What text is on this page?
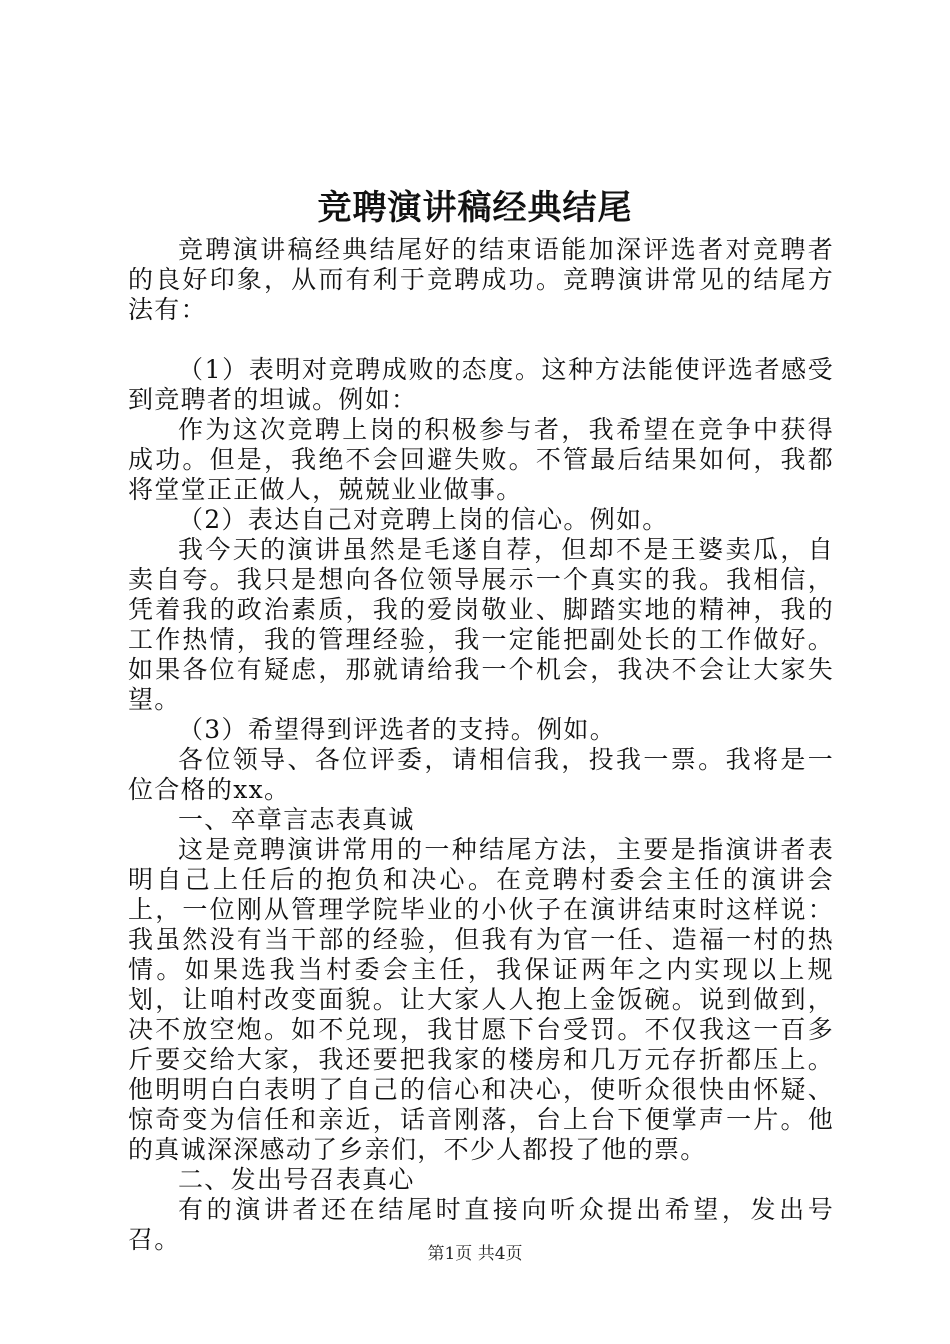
竞聘演讲稿经典结尾

竞聘演讲稿经典结尾好的结束语能加深评选者对竞聘者的良好印象，从而有利于竞聘成功。竞聘演讲常见的结尾方法有：

（1）表明对竞聘成败的态度。这种方法能使评选者感受到竞聘者的坦诚。例如：

作为这次竞聘上岗的积极参与者，我希望在竞争中获得成功。但是，我绝不会回避失败。不管最后结果如何，我都将堂堂正正做人，兢兢业业做事。

（2）表达自己对竞聘上岗的信心。例如。

我今天的演讲虽然是毛遂自荐，但却不是王婆卖瓜，自卖自夸。我只是想向各位领导展示一个真实的我。我相信，凭着我的政治素质，我的爱岗敬业、脚踏实地的精神，我的工作热情，我的管理经验，我一定能把副处长的工作做好。如果各位有疑虑，那就请给我一个机会，我决不会让大家失望。

（3）希望得到评选者的支持。例如。

各位领导、各位评委，请相信我，投我一票。我将是一位合格的xx。

一、卒章言志表真诚

这是竞聘演讲常用的一种结尾方法，主要是指演讲者表明自己上任后的抱负和决心。在竞聘村委会主任的演讲会上，一位刚从管理学院毕业的小伙子在演讲结束时这样说：我虽然没有当干部的经验，但我有为官一任、造福一村的热情。如果选我当村委会主任，我保证两年之内实现以上规划，让咱村改变面貌。让大家人人抱上金饭碗。说到做到，决不放空炮。如不兑现，我甘愿下台受罚。不仅我这一百多斤要交给大家，我还要把我家的楼房和几万元存折都压上。他明明白白表明了自己的信心和决心，使听众很快由怀疑、惊奇变为信任和亲近，话音刚落，台上台下便掌声一片。他的真诚深深感动了乡亲们，不少人都投了他的票。

二、发出号召表真心

有的演讲者还在结尾时直接向听众提出希望，发出号召。	第1页 共4页
